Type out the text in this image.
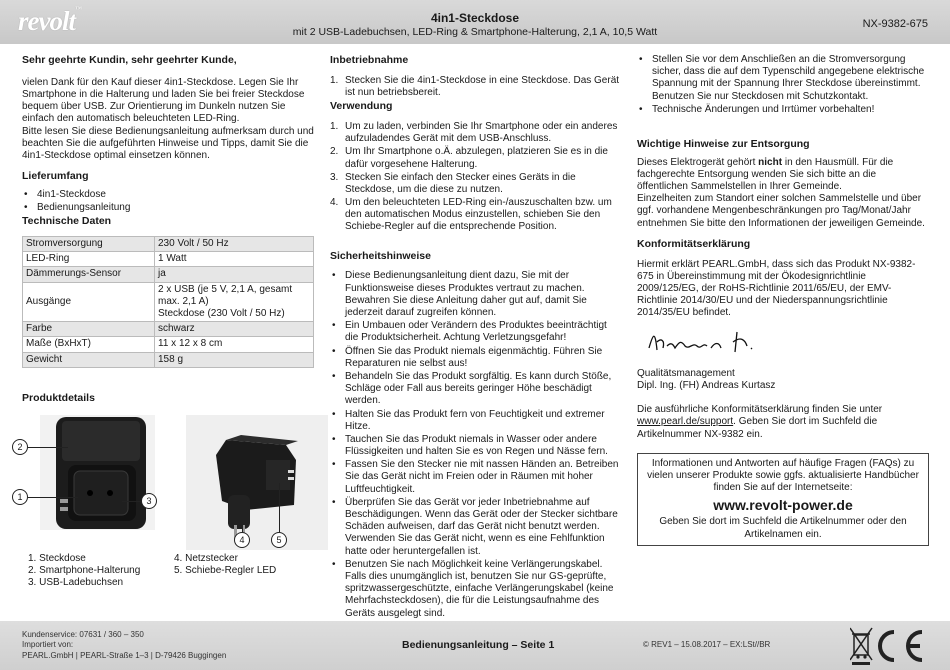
revolt™
4in1-Steckdose
mit 2 USB-Ladebuchsen, LED-Ring & Smartphone-Halterung, 2,1 A, 10,5 Watt
NX-9382-675
Sehr geehrte Kundin, sehr geehrter Kunde,

vielen Dank für den Kauf dieser 4in1-Steckdose. Legen Sie Ihr Smartphone in die Halterung und laden Sie bei freier Steckdose bequem über USB. Zur Orientierung im Dunkeln nutzen Sie einfach den automatisch beleuchteten LED-Ring.

Bitte lesen Sie diese Bedienungsanleitung aufmerksam durch und beachten Sie die aufgeführten Hinweise und Tipps, damit Sie die 4in1-Steckdose optimal einsetzen können.

Lieferumfang
• 4in1-Steckdose
• Bedienungsanleitung
Technische Daten
Stromversorgung	230 Volt / 50 Hz

LED-Ring	1 Watt

Dämmerungs-Sensor	ja

Ausgänge	2 x USB (je 5 V, 2,1 A, gesamt max. 2,1 A)
Steckdose (230 Volt / 50 Hz)

Farbe	schwarz

Maße (BxHxT)	11 x 12 x 8 cm

Gewicht	158 g
Produktdetails
2
1	3
4	5
1. Steckdose
2. Smartphone-Halterung
3. USB-Ladebuchsen
4. Netzstecker
5. Schiebe-Regler LED
Inbetriebnahme
1. Stecken Sie die 4in1-Steckdose in eine Steckdose. Das Gerät ist nun betriebsbereit.
Verwendung
1. Um zu laden, verbinden Sie Ihr Smartphone oder ein anderes aufzuladendes Gerät mit dem USB-Anschluss.
2. Um Ihr Smartphone o.Ä. abzulegen, platzieren Sie es in die dafür vorgesehene Halterung.
3. Stecken Sie einfach den Stecker eines Geräts in die Steckdose, um die diese zu nutzen.
4. Um den beleuchteten LED-Ring ein-/auszuschalten bzw. um den automatischen Modus einzustellen, schieben Sie den Schiebe-Regler auf die entsprechende Position.
Sicherheitshinweise
• Diese Bedienungsanleitung dient dazu, Sie mit der Funktionsweise dieses Produktes vertraut zu machen. Bewahren Sie diese Anleitung daher gut auf, damit Sie jederzeit darauf zugreifen können.
• Ein Umbauen oder Verändern des Produktes beeinträchtigt die Produktsicherheit. Achtung Verletzungsgefahr!
• Öffnen Sie das Produkt niemals eigenmächtig. Führen Sie Reparaturen nie selbst aus!
• Behandeln Sie das Produkt sorgfältig. Es kann durch Stöße, Schläge oder Fall aus bereits geringer Höhe beschädigt werden.
• Halten Sie das Produkt fern von Feuchtigkeit und extremer Hitze.
• Tauchen Sie das Produkt niemals in Wasser oder andere Flüssigkeiten und halten Sie es von Regen und Nässe fern.
• Fassen Sie den Stecker nie mit nassen Händen an. Betreiben Sie das Gerät nicht im Freien oder in Räumen mit hoher Luftfeuchtigkeit.
• Überprüfen Sie das Gerät vor jeder Inbetriebnahme auf Beschädigungen. Wenn das Gerät oder der Stecker sichtbare Schäden aufweisen, darf das Gerät nicht benutzt werden. Verwenden Sie das Gerät nicht, wenn es eine Fehlfunktion hatte oder heruntergefallen ist.
• Benutzen Sie nach Möglichkeit keine Verlängerungskabel. Falls dies unumgänglich ist, benutzen Sie nur GS-geprüfte, spritzwassergeschützte, einfache Verlängerungskabel (keine Mehrfachsteckdosen), die für die Leistungsaufnahme des Geräts ausgelegt sind.
• Stellen Sie vor dem Anschließen an die Stromversorgung sicher, dass die auf dem Typenschild angegebene elektrische Spannung mit der Spannung Ihrer Steckdose übereinstimmt. Benutzen Sie nur Steckdosen mit Schutzkontakt.
• Technische Änderungen und Irrtümer vorbehalten!
Wichtige Hinweise zur Entsorgung

Dieses Elektrogerät gehört nicht in den Hausmüll. Für die fachgerechte Entsorgung wenden Sie sich bitte an die öffentlichen Sammelstellen in Ihrer Gemeinde.

Einzelheiten zum Standort einer solchen Sammelstelle und über ggf. vorhandene Mengenbeschränkungen pro Tag/Monat/Jahr entnehmen Sie bitte den Informationen der jeweiligen Gemeinde.

Konformitätserklärung

Hiermit erklärt PEARL.GmbH, dass sich das Produkt NX-9382-675 in Übereinstimmung mit der Ökodesignrichtlinie 2009/125/EG, der RoHS-Richtlinie 2011/65/EU, der EMV-Richtlinie 2014/30/EU und der Niederspannungsrichtlinie 2014/35/EU befindet.

Qualitätsmanagement

Dipl. Ing. (FH) Andreas Kurtasz

Die ausführliche Konformitätserklärung finden Sie unter www.pearl.de/support. Geben Sie dort im Suchfeld die Artikelnummer NX-9382 ein.

Informationen und Antworten auf häufige Fragen (FAQs) zu vielen unserer Produkte sowie ggfs. aktualisierte Handbücher finden Sie auf der Internetseite:

www.revolt-power.de

Geben Sie dort im Suchfeld die Artikelnummer oder den Artikelnamen ein.

Kundenservice: 07631 / 360 – 350
Importiert von:
PEARL.GmbH | PEARL-Straße 1–3 | D-79426 Buggingen
Bedienungsanleitung – Seite 1	© REV1 – 15.08.2017 – EX:LSt//BR
